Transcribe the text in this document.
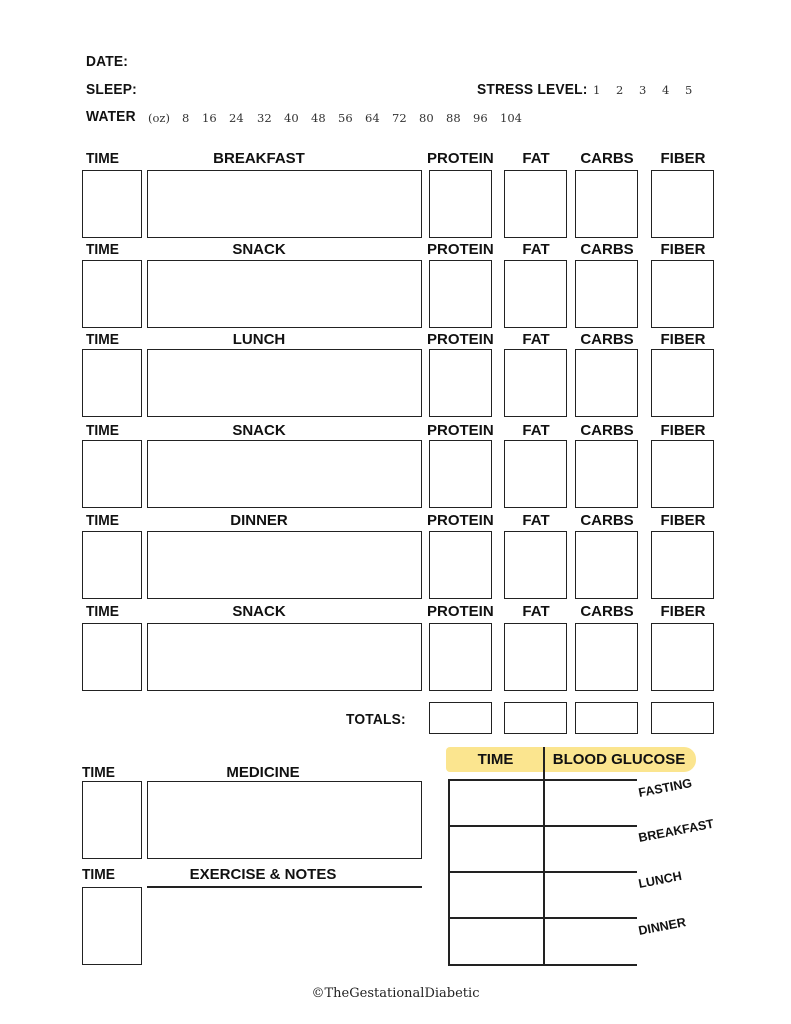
DATE:
SLEEP:	STRESS LEVEL: 1 2 3 4 5
WATER (oz) 8 16 24 32 40 48 56 64 72 80 88 96 104
TIME	BREAKFAST	PROTEIN	FAT	CARBS	FIBER
TIME	SNACK	PROTEIN	FAT	CARBS	FIBER
TIME	LUNCH	PROTEIN	FAT	CARBS	FIBER
TIME	SNACK	PROTEIN	FAT	CARBS	FIBER
TIME	DINNER	PROTEIN	FAT	CARBS	FIBER
TIME	SNACK	PROTEIN	FAT	CARBS	FIBER
TOTALS:
TIME	MEDICINE
TIME	EXERCISE & NOTES
TIME	BLOOD GLUCOSE
FASTING
BREAKFAST
LUNCH
DINNER
©TheGestationalDiabetic
